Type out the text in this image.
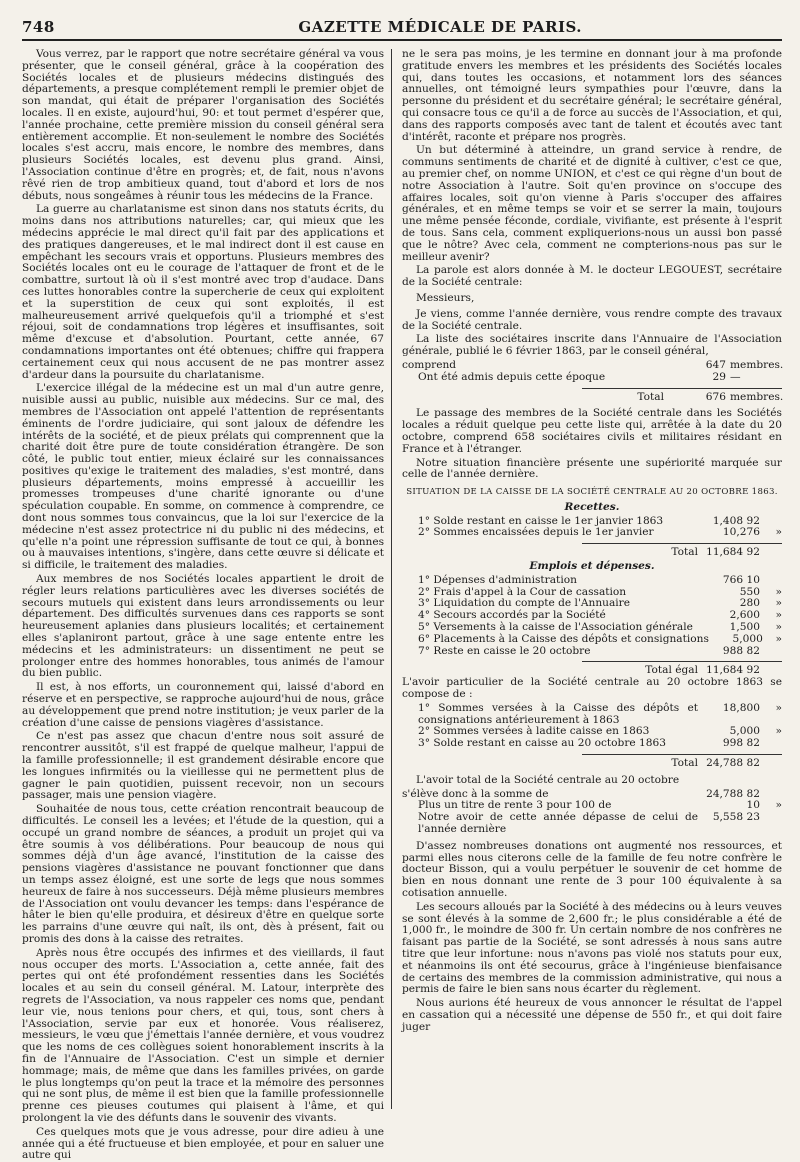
748	GAZETTE MÉDICALE DE PARIS.

Vous verrez, par le rapport que notre secrétaire général va vous présenter, que le conseil général, grâce à la coopération des Sociétés locales et de plusieurs médecins distingués des départements, a presque complétement rempli le premier objet de son mandat, qui était de préparer l'organisation des Sociétés locales. Il en existe, aujourd'hui, 90: et tout permet d'espérer que, l'année prochaine, cette première mission du conseil général sera entièrement accomplie. Et non-seulement le nombre des Sociétés locales s'est accru, mais encore, le nombre des membres, dans plusieurs Sociétés locales, est devenu plus grand. Ainsi, l'Association continue d'être en progrès; et, de fait, nous n'avons rêvé rien de trop ambitieux quand, tout d'abord et lors de nos débuts, nous songeâmes à réunir tous les médecins de la France.

La guerre au charlatanisme est sinon dans nos statuts écrits, du moins dans nos attributions naturelles; car, qui mieux que les médecins apprécie le mal direct qu'il fait par des applications et des pratiques dangereuses, et le mal indirect dont il est cause en empêchant les secours vrais et opportuns. Plusieurs membres des Sociétés locales ont eu le courage de l'attaquer de front et de le combattre, surtout là où il s'est montré avec trop d'audace. Dans ces luttes honorables contre la supercherie de ceux qui exploitent et la superstition de ceux qui sont exploités, il est malheureusement arrivé quelquefois qu'il a triomphé et s'est réjoui, soit de condamnations trop légères et insuffisantes, soit même d'excuse et d'absolution. Pourtant, cette année, 67 condamnations importantes ont été obtenues; chiffre qui frappera certainement ceux qui nous accusent de ne pas montrer assez d'ardeur dans la poursuite du charlatanisme.

L'exercice illégal de la médecine est un mal d'un autre genre, nuisible aussi au public, nuisible aux médecins. Sur ce mal, des membres de l'Association ont appelé l'attention de représentants éminents de l'ordre judiciaire, qui sont jaloux de défendre les intérêts de la société, et de pieux prélats qui comprennent que la charité doit être pure de toute considération étrangère. De son côté, le public tout entier, mieux éclairé sur les connaissances positives qu'exige le traitement des maladies, s'est montré, dans plusieurs départements, moins empressé à accueillir les promesses trompeuses d'une charité ignorante ou d'une spéculation coupable. En somme, on commence à comprendre, ce dont nous sommes tous convaincus, que la loi sur l'exercice de la médecine n'est assez protectrice ni du public ni des médecins, et qu'elle n'a point une répression suffisante de tout ce qui, à bonnes ou à mauvaises intentions, s'ingère, dans cette œuvre si délicate et si difficile, le traitement des maladies.

Aux membres de nos Sociétés locales appartient le droit de régler leurs relations particulières avec les diverses sociétés de secours mutuels qui existent dans leurs arrondissements ou leur département. Des difficultés survenues dans ces rapports se sont heureusement aplanies dans plusieurs localités; et certainement elles s'aplaniront partout, grâce à une sage entente entre les médecins et les administrateurs: un dissentiment ne peut se prolonger entre des hommes honorables, tous animés de l'amour du bien public.

Il est, à nos efforts, un couronnement qui, laissé d'abord en réserve et en perspective, se rapproche aujourd'hui de nous, grâce au développement que prend notre institution; je veux parler de la création d'une caisse de pensions viagères d'assistance.

Ce n'est pas assez que chacun d'entre nous soit assuré de rencontrer aussitôt, s'il est frappé de quelque malheur, l'appui de la famille professionnelle; il est grandement désirable encore que les longues infirmités ou la vieillesse qui ne permettent plus de gagner le pain quotidien, puissent recevoir, non un secours passager, mais une pension viagère.

Souhaitée de nous tous, cette création rencontrait beaucoup de difficultés. Le conseil les a levées; et l'étude de la question, qui a occupé un grand nombre de séances, a produit un projet qui va être soumis à vos délibérations. Pour beaucoup de nous qui sommes déjà d'un âge avancé, l'institution de la caisse des pensions viagères d'assistance ne pouvant fonctionner que dans un temps assez éloigné, est une sorte de legs que nous sommes heureux de faire à nos successeurs. Déjà même plusieurs membres de l'Association ont voulu devancer les temps: dans l'espérance de hâter le bien qu'elle produira, et désireux d'être en quelque sorte les parrains d'une œuvre qui naît, ils ont, dès à présent, fait ou promis des dons à la caisse des retraites.

Après nous être occupés des infirmes et des vieillards, il faut nous occuper des morts. L'Association a, cette année, fait des pertes qui ont été profondément ressenties dans les Sociétés locales et au sein du conseil général. M. Latour, interprète des regrets de l'Association, va nous rappeler ces noms que, pendant leur vie, nous tenions pour chers, et qui, tous, sont chers à l'Association, servie par eux et honorée. Vous réaliserez, messieurs, le vœu que j'émettais l'année dernière, et vous voudrez que les noms de ces collègues soient honorablement inscrits à la fin de l'Annuaire de l'Association. C'est un simple et dernier hommage; mais, de même que dans les familles privées, on garde le plus longtemps qu'on peut la trace et la mémoire des personnes qui ne sont plus, de même il est bien que la famille professionnelle prenne ces pieuses coutumes qui plaisent à l'âme, et qui prolongent la vie des défunts dans le souvenir des vivants.

Ces quelques mots que je vous adresse, pour dire adieu à une année qui a été fructueuse et bien employée, et pour en saluer une autre qui

ne le sera pas moins, je les termine en donnant jour à ma profonde gratitude envers les membres et les présidents des Sociétés locales qui, dans toutes les occasions, et notamment lors des séances annuelles, ont témoigné leurs sympathies pour l'œuvre, dans la personne du président et du secrétaire général; le secrétaire général, qui consacre tous ce qu'il a de force au succès de l'Association, et qui, dans des rapports composés avec tant de talent et écoutés avec tant d'intérêt, raconte et prépare nos progrès.

Un but déterminé à atteindre, un grand service à rendre, de communs sentiments de charité et de dignité à cultiver, c'est ce que, au premier chef, on nomme UNION, et c'est ce qui règne d'un bout de notre Association à l'autre. Soit qu'en province on s'occupe des affaires locales, soit qu'on vienne à Paris s'occuper des affaires générales, et en même temps se voir et se serrer la main, toujours une même pensée féconde, cordiale, vivifiante, est présente à l'esprit de tous. Sans cela, comment expliquerions-nous un aussi bon passé que le nôtre? Avec cela, comment ne compterions-nous pas sur le meilleur avenir?

La parole est alors donnée à M. le docteur LEGOUEST, secrétaire de la Société centrale:

Messieurs,

Je viens, comme l'année dernière, vous rendre compte des travaux de la Société centrale.

La liste des sociétaires inscrite dans l'Annuaire de l'Association générale, publié le 6 février 1863, par le conseil général,

comprend	647 membres.
Ont été admis depuis cette époque	29 —
Total	676 membres.

Le passage des membres de la Société centrale dans les Sociétés locales a réduit quelque peu cette liste qui, arrêtée à la date du 20 octobre, comprend 658 sociétaires civils et militaires résidant en France et à l'étranger.

Notre situation financière présente une supériorité marquée sur celle de l'année dernière.

SITUATION DE LA CAISSE DE LA SOCIÉTÉ CENTRALE AU 20 OCTOBRE 1863.
Recettes.
1° Solde restant en caisse le 1er janvier 1863	1,408 92
2° Sommes encaissées depuis le 1er janvier	10,276	»
Total 11,684 92
Emplois et dépenses.
1° Dépenses d'administration	766 10
2° Frais d'appel à la Cour de cassation	550	»
3° Liquidation du compte de l'Annuaire	280	»
4° Secours accordés par la Société	2,600	»
5° Versements à la caisse de l'Association générale	1,500	»
6° Placements à la Caisse des dépôts et consignations	5,000	»
7° Reste en caisse le 20 octobre	988 82
Total égal 11,684 92

L'avoir particulier de la Société centrale au 20 octobre 1863 se compose de :

1° Sommes versées à la Caisse des dépôts et consignations antérieurement à 1863
18,800	»
2° Sommes versées à ladite caisse en 1863	5,000	»
3° Solde restant en caisse au 20 octobre 1863	998 82
Total 24,788 82

L'avoir total de la Société centrale au 20 octobre

s'élève donc à la somme de	24,788 82
Plus un titre de rente 3 pour 100 de	10	»
Notre avoir de cette année dépasse de celui de l'année dernière
5,558 23

D'assez nombreuses donations ont augmenté nos ressources, et parmi elles nous citerons celle de la famille de feu notre confrère le docteur Bisson, qui a voulu perpétuer le souvenir de cet homme de bien en nous donnant une rente de 3 pour 100 équivalente à sa cotisation annuelle.

Les secours alloués par la Société à des médecins ou à leurs veuves se sont élevés à la somme de 2,600 fr.; le plus considérable a été de 1,000 fr., le moindre de 300 fr. Un certain nombre de nos confrères ne faisant pas partie de la Société, se sont adressés à nous sans autre titre que leur infortune: nous n'avons pas violé nos statuts pour eux, et néanmoins ils ont été secourus, grâce à l'ingénieuse bienfaisance de certains des membres de la commission administrative, qui nous a permis de faire le bien sans nous écarter du règlement.

Nous aurions été heureux de vous annoncer le résultat de l'appel en cassation qui a nécessité une dépense de 550 fr., et qui doit faire juger
